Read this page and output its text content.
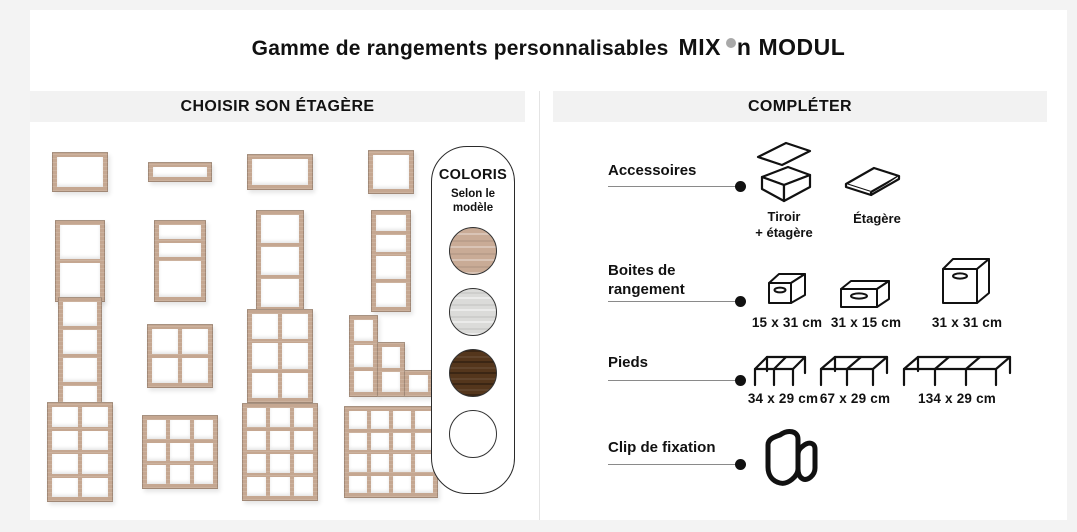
Gamme de rangements personnalisables MIX n MODUL
CHOISIR SON ÉTAGÈRE
COLORIS
Selon le
modèle
COMPLÉTER
Accessoires
Tiroir
+ étagère
Étagère
Boites de
rangement
15 x 31 cm 31 x 15 cm	31 x 31 cm
Pieds
34 x 29 cm 67 x 29 cm	134 x 29 cm
Clip de fixation
